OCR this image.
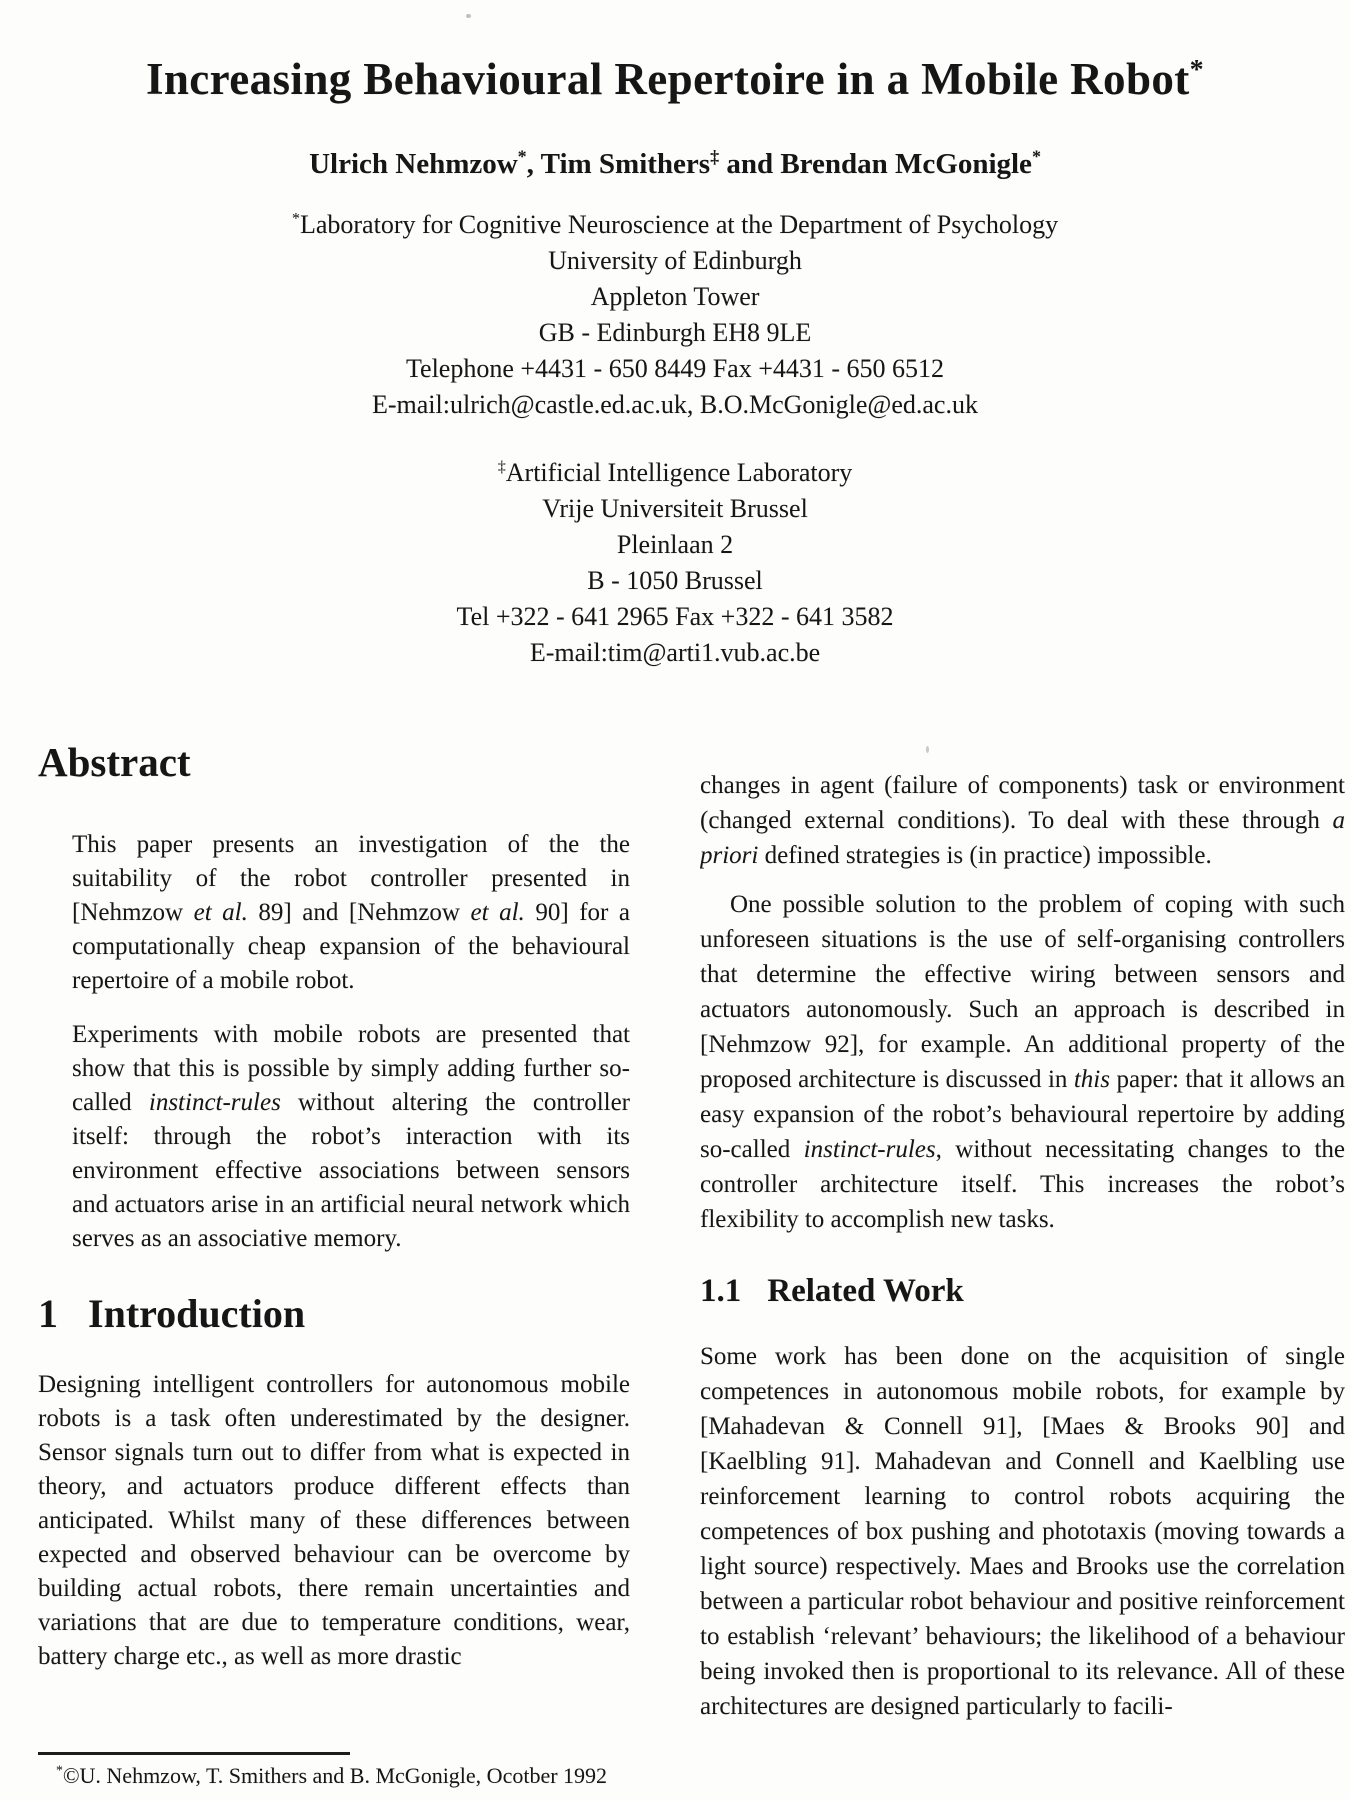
Increasing Behavioural Repertoire in a Mobile Robot*
Ulrich Nehmzow*, Tim Smithers‡ and Brendan McGonigle*
*Laboratory for Cognitive Neuroscience at the Department of Psychology
University of Edinburgh
Appleton Tower
GB - Edinburgh EH8 9LE
Telephone +4431 - 650 8449 Fax +4431 - 650 6512
E-mail:ulrich@castle.ed.ac.uk, B.O.McGonigle@ed.ac.uk
‡Artificial Intelligence Laboratory
Vrije Universiteit Brussel
Pleinlaan 2
B - 1050 Brussel
Tel +322 - 641 2965 Fax +322 - 641 3582
E-mail:tim@arti1.vub.ac.be
Abstract

This paper presents an investigation of the the suitability of the robot controller presented in [Nehmzow et al. 89] and [Nehmzow et al. 90] for a computationally cheap expansion of the behavioural repertoire of a mobile robot.

Experiments with mobile robots are presented that show that this is possible by simply adding further so-called instinct-rules without altering the controller itself: through the robot’s interaction with its environment effective associations between sensors and actuators arise in an artificial neural network which serves as an associative memory.

1 Introduction

Designing intelligent controllers for autonomous mobile robots is a task often underestimated by the designer. Sensor signals turn out to differ from what is expected in theory, and actuators produce different effects than anticipated. Whilst many of these differences between expected and observed behaviour can be overcome by building actual robots, there remain uncertainties and variations that are due to temperature conditions, wear, battery charge etc., as well as more drastic

changes in agent (failure of components) task or environment (changed external conditions). To deal with these through a priori defined strategies is (in practice) impossible.

One possible solution to the problem of coping with such unforeseen situations is the use of self-organising controllers that determine the effective wiring between sensors and actuators autonomously. Such an approach is described in [Nehmzow 92], for example. An additional property of the proposed architecture is discussed in this paper: that it allows an easy expansion of the robot’s behavioural repertoire by adding so-called instinct-rules, without necessitating changes to the controller architecture itself. This increases the robot’s flexibility to accomplish new tasks.

1.1 Related Work

Some work has been done on the acquisition of single competences in autonomous mobile robots, for example by [Mahadevan & Connell 91], [Maes & Brooks 90] and [Kaelbling 91]. Mahadevan and Connell and Kaelbling use reinforcement learning to control robots acquiring the competences of box pushing and phototaxis (moving towards a light source) respectively. Maes and Brooks use the correlation between a particular robot behaviour and positive reinforcement to establish ‘relevant’ behaviours; the likelihood of a behaviour being invoked then is proportional to its relevance. All of these architectures are designed particularly to facili-

*©U. Nehmzow, T. Smithers and B. McGonigle, Ocotber 1992
